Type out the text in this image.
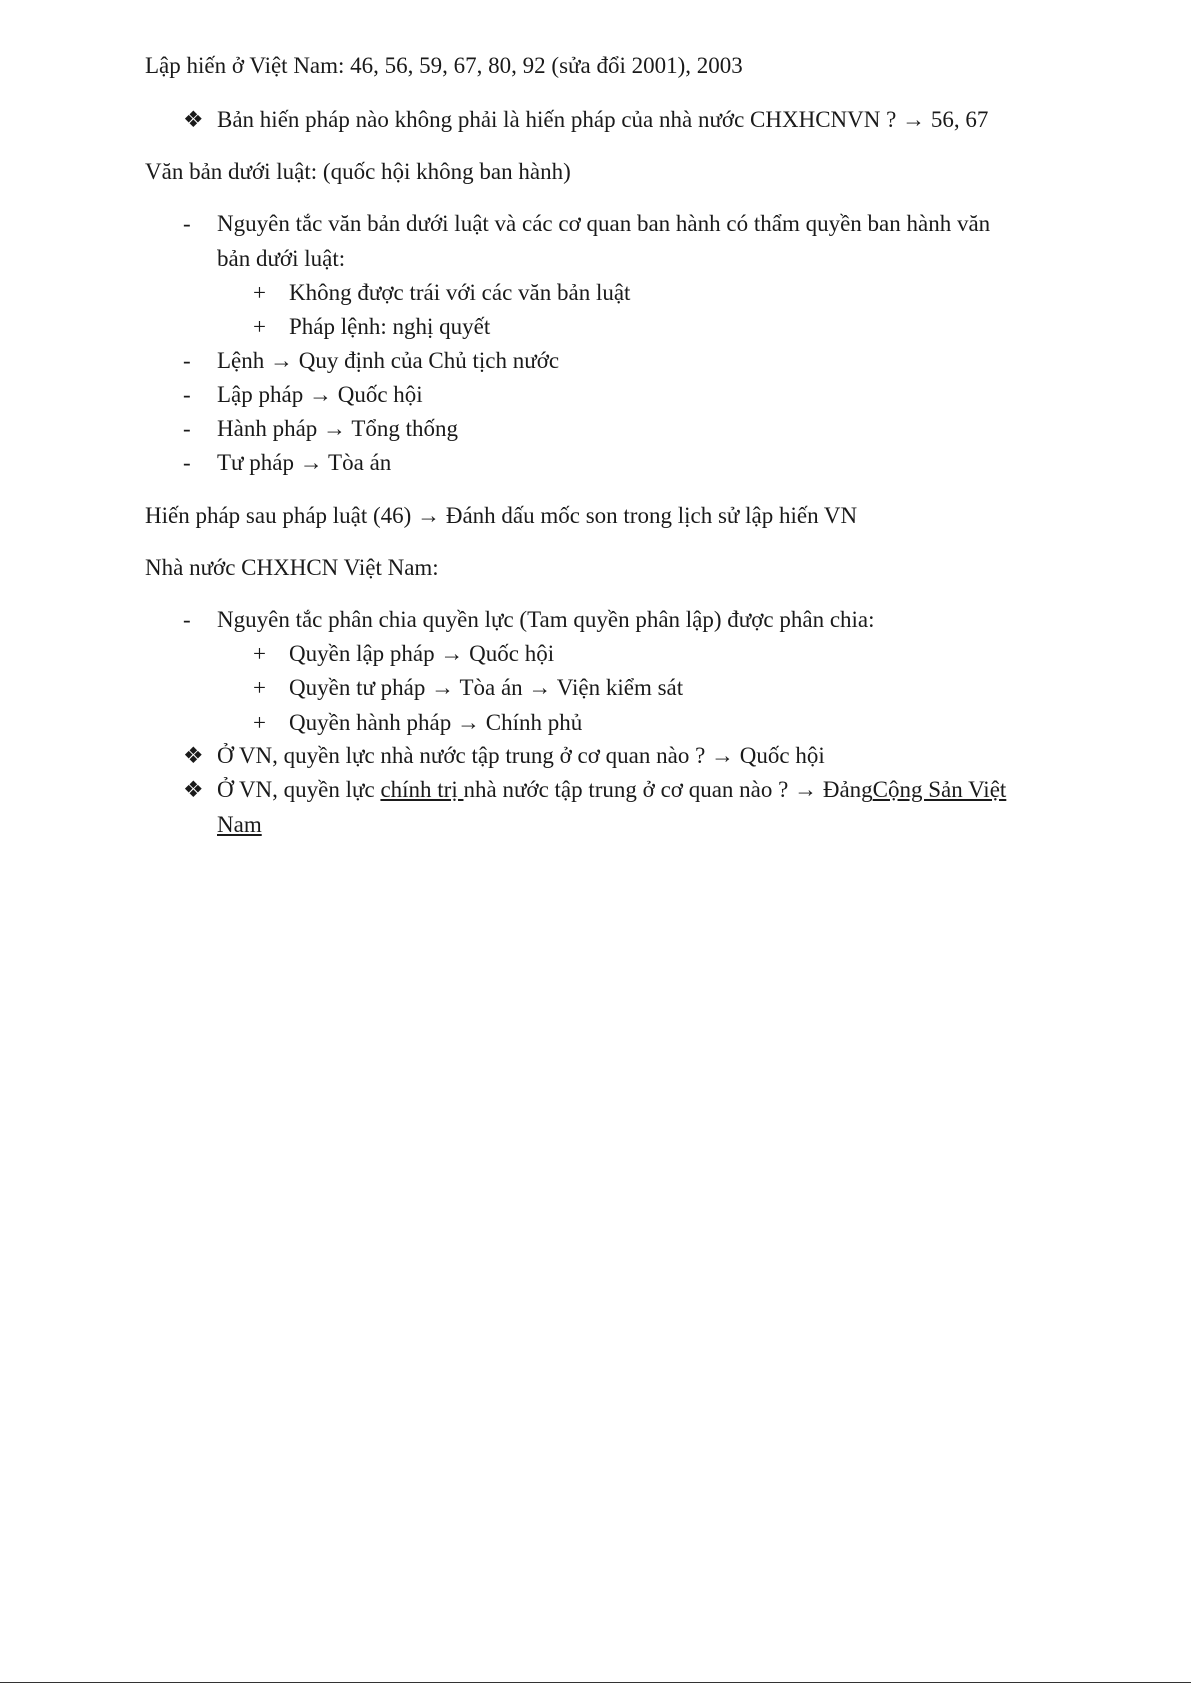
Lập hiến ở Việt Nam: 46, 56, 59, 67, 80, 92 (sửa đổi 2001), 2003
❖ Bản hiến pháp nào không phải là hiến pháp của nhà nước CHXHCNVN ? → 56, 67
Văn bản dưới luật: (quốc hội không ban hành)
- Nguyên tắc văn bản dưới luật và các cơ quan ban hành có thẩm quyền ban hành văn
bản dưới luật:
+ Không được trái với các văn bản luật
+ Pháp lệnh: nghị quyết
- Lệnh → Quy định của Chủ tịch nước
- Lập pháp → Quốc hội
- Hành pháp → Tổng thống
- Tư pháp → Tòa án
Hiến pháp sau pháp luật (46) → Đánh dấu mốc son trong lịch sử lập hiến VN
Nhà nước CHXHCN Việt Nam:
- Nguyên tắc phân chia quyền lực (Tam quyền phân lập) được phân chia:
+ Quyền lập pháp → Quốc hội
+ Quyền tư pháp → Tòa án → Viện kiểm sát
+ Quyền hành pháp → Chính phủ
❖ Ở VN, quyền lực nhà nước tập trung ở cơ quan nào ? → Quốc hội
❖ Ở VN, quyền lực chính trị nhà nước tập trung ở cơ quan nào ? → ĐảngCộng Sản Việt
Nam
